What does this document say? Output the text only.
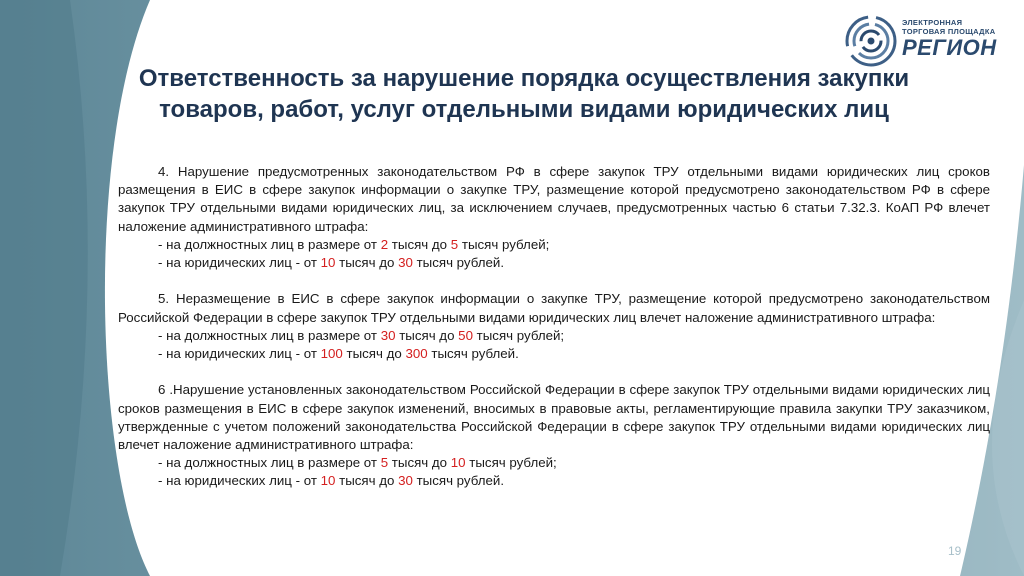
ЭЛЕКТРОННАЯ
ТОРГОВАЯ ПЛОЩАДКА
РЕГИОН
Ответственность за нарушение порядка осуществления закупки товаров, работ, услуг отдельными видами юридических лиц

4. Нарушение предусмотренных законодательством РФ в сфере закупок ТРУ отдельными видами юридических лиц сроков размещения в ЕИС в сфере закупок информации о закупке ТРУ, размещение которой предусмотрено законодательством РФ в сфере закупок ТРУ отдельными видами юридических лиц, за исключением случаев, предусмотренных частью 6 статьи 7.32.3. КоАП РФ влечет наложение административного штрафа:

- на должностных лиц в размере от 2 тысяч до 5 тысяч рублей;

- на юридических лиц - от 10 тысяч до 30 тысяч рублей.

5. Неразмещение в ЕИС в сфере закупок информации о закупке ТРУ, размещение которой предусмотрено законодательством Российской Федерации в сфере закупок ТРУ отдельными видами юридических лиц влечет наложение административного штрафа:

- на должностных лиц в размере от 30 тысяч до 50 тысяч рублей;

- на юридических лиц - от 100 тысяч до 300 тысяч рублей.

6 .Нарушение установленных законодательством Российской Федерации в сфере закупок ТРУ отдельными видами юридических лиц сроков размещения в ЕИС в сфере закупок изменений, вносимых в правовые акты, регламентирующие правила закупки ТРУ заказчиком, утвержденные с учетом положений законодательства Российской Федерации в сфере закупок ТРУ отдельными видами юридических лиц влечет наложение административного штрафа:

- на должностных лиц в размере от 5 тысяч до 10 тысяч рублей;

- на юридических лиц - от 10 тысяч до 30 тысяч рублей.

19
